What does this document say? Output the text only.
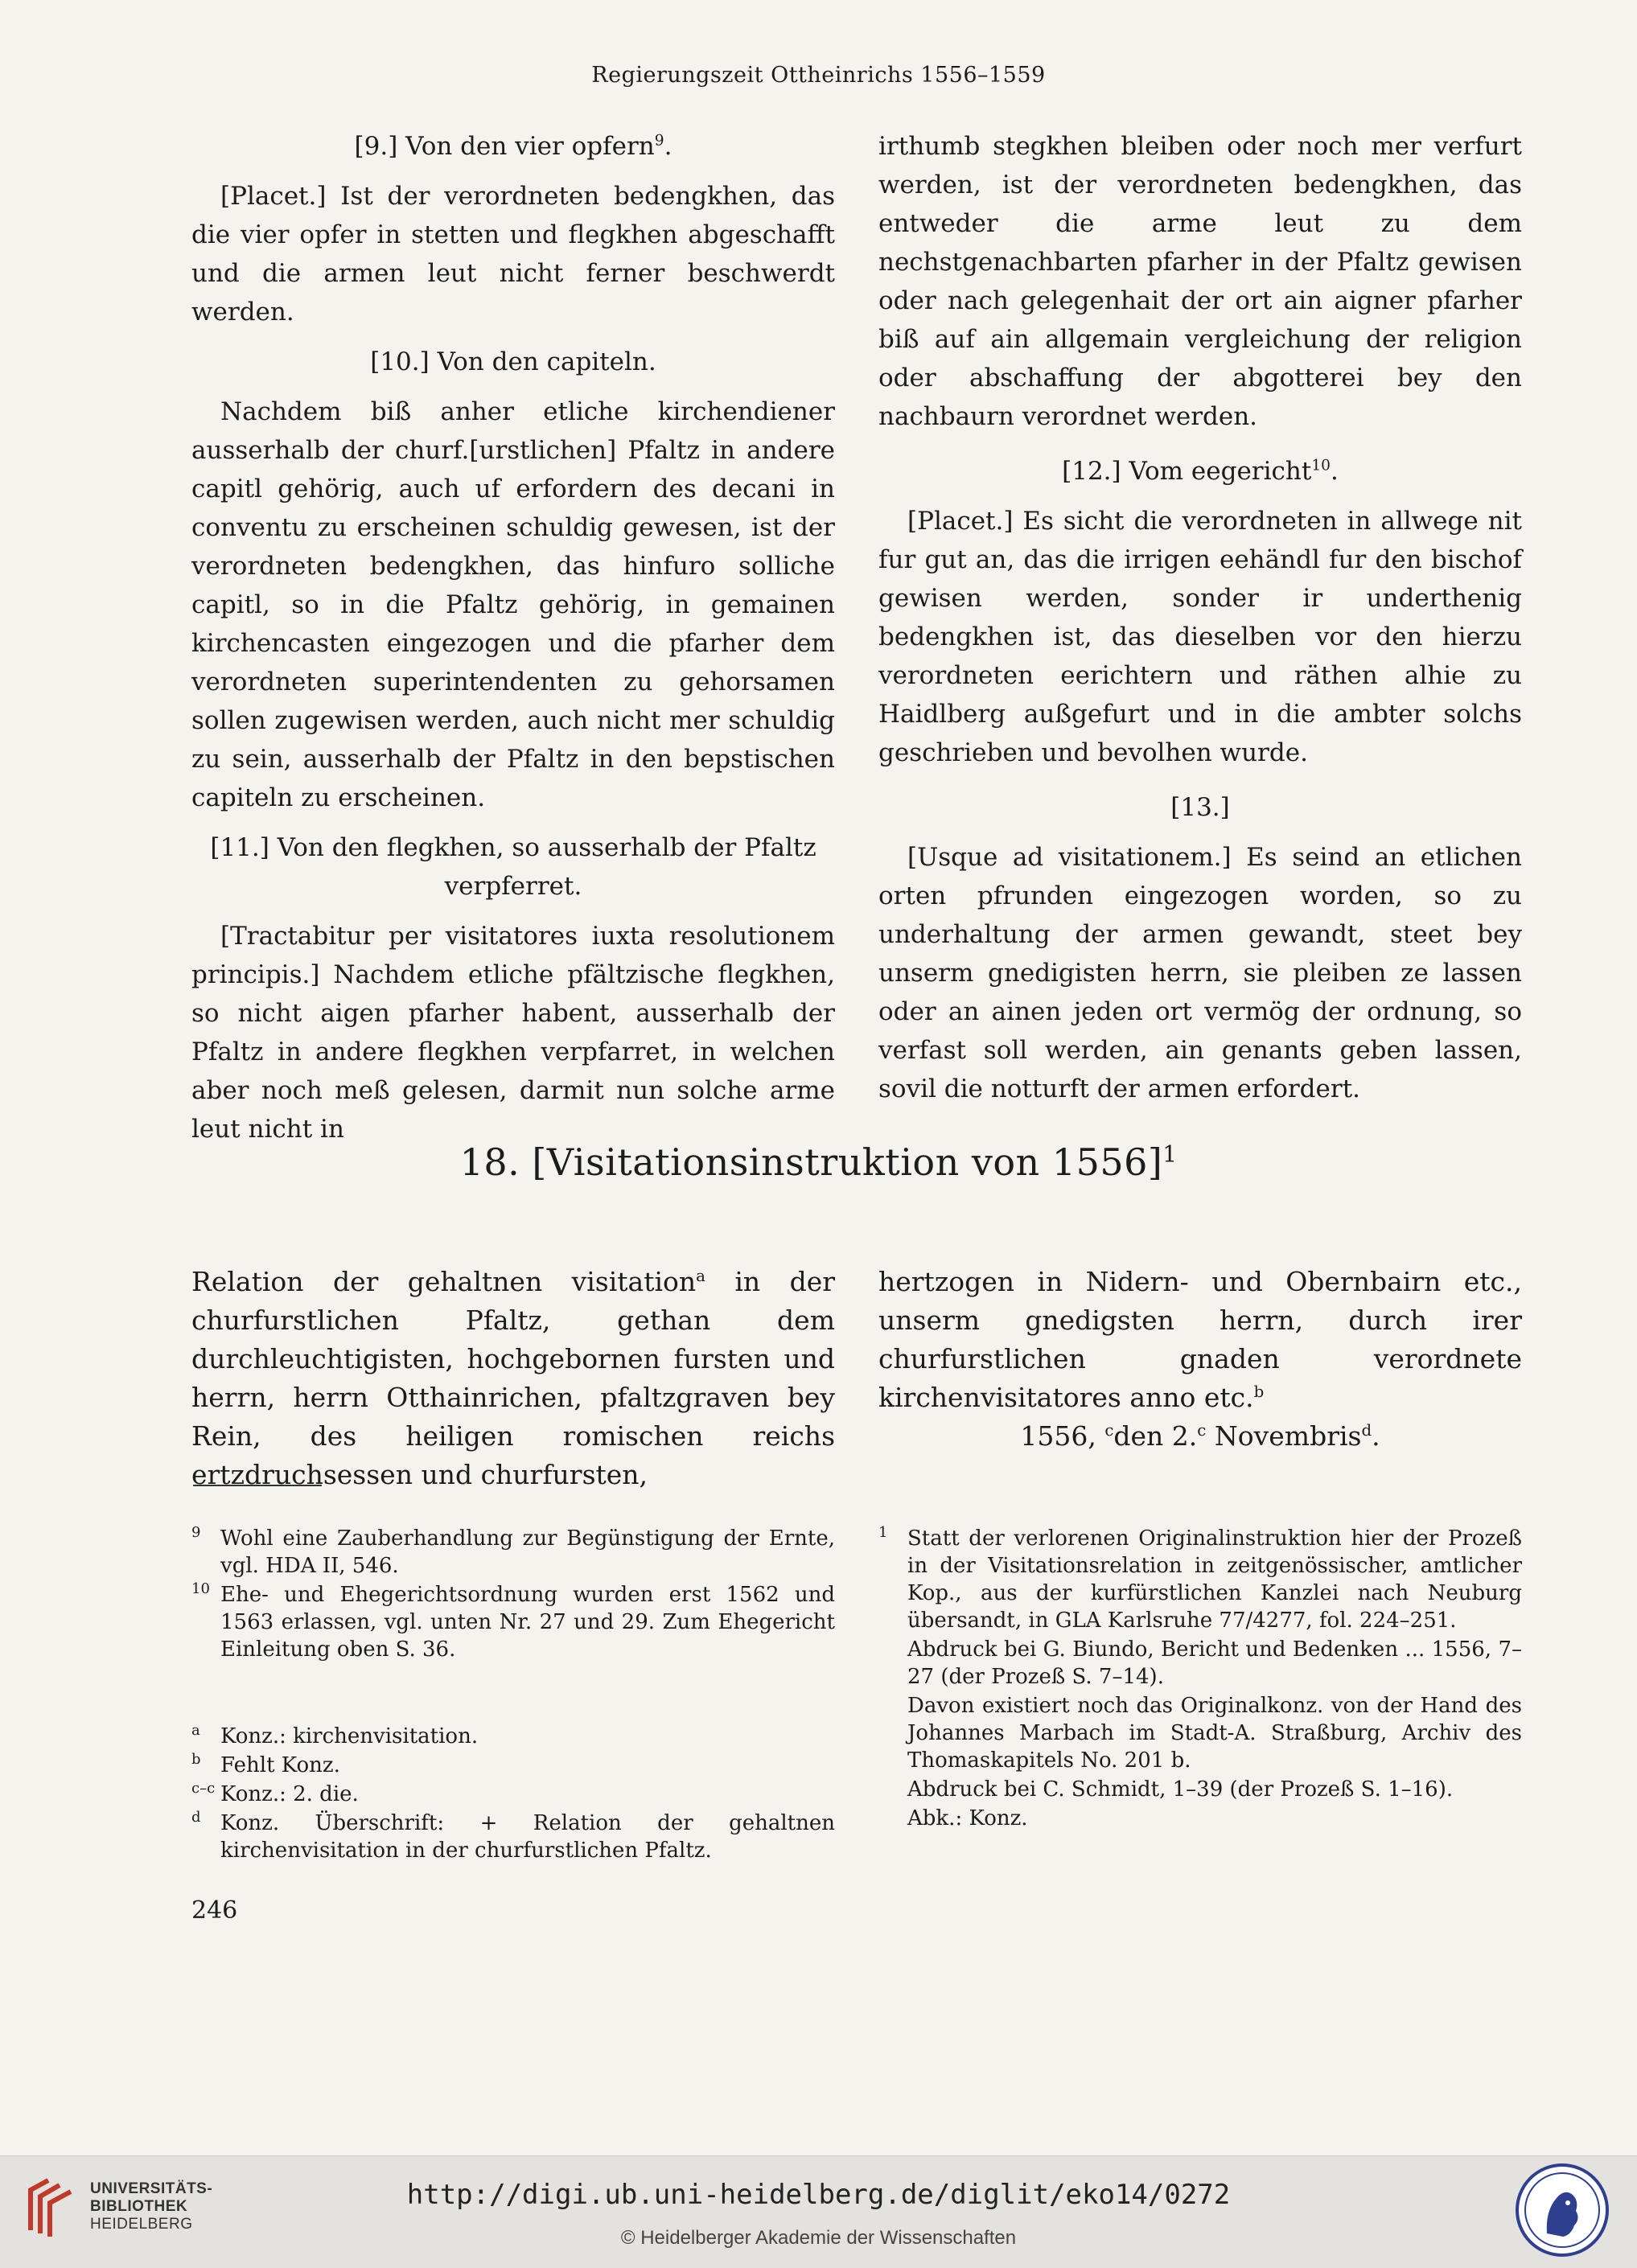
Regierungszeit Ottheinrichs 1556–1559
[9.] Von den vier opfern$^9$.

[Placet.] Ist der verordneten bedengkhen, das die vier opfer in stetten und flegkhen abgeschafft und die armen leut nicht ferner beschwerdt werden.

[10.] Von den capiteln.

Nachdem biß anher etliche kirchendiener ausserhalb der churf.[urstlichen] Pfaltz in andere capitl gehörig, auch uf erfordern des decani in conventu zu erscheinen schuldig gewesen, ist der verordneten bedengkhen, das hinfuro solliche capitl, so in die Pfaltz gehörig, in gemainen kirchencasten eingezogen und die pfarher dem verordneten superintendenten zu gehorsamen sollen zugewisen werden, auch nicht mer schuldig zu sein, ausserhalb der Pfaltz in den bepstischen capiteln zu erscheinen.

[11.] Von den flegkhen, so ausserhalb der Pfaltz verpferret.

[Tractabitur per visitatores iuxta resolutionem principis.] Nachdem etliche pfältzische flegkhen, so nicht aigen pfarher habent, ausserhalb der Pfaltz in andere flegkhen verpfarret, in welchen aber noch meß gelesen, darmit nun solche arme leut nicht in

irthumb stegkhen bleiben oder noch mer verfurt werden, ist der verordneten bedengkhen, das entweder die arme leut zu dem nechstgenachbarten pfarher in der Pfaltz gewisen oder nach gelegenhait der ort ain aigner pfarher biß auf ain allgemain vergleichung der religion oder abschaffung der abgotterei bey den nachbaurn verordnet werden.

[12.] Vom eegericht$^{10}$.

[Placet.] Es sicht die verordneten in allwege nit fur gut an, das die irrigen eehändl fur den bischof gewisen werden, sonder ir underthenig bedengkhen ist, das dieselben vor den hierzu verordneten eerichtern und räthen alhie zu Haidlberg außgefurt und in die ambter solchs geschrieben und bevolhen wurde.

[13.]

[Usque ad visitationem.] Es seind an etlichen orten pfrunden eingezogen worden, so zu underhaltung der armen gewandt, steet bey unserm gnedigisten herrn, sie pleiben ze lassen oder an ainen jeden ort vermög der ordnung, so verfast soll werden, ain genants geben lassen, sovil die notturft der armen erfordert.

18. [Visitationsinstruktion von 1556]$^1$
Relation der gehaltnen visitation$^a$ in der churfurstlichen Pfaltz, gethan dem durchleuchtigisten, hochgebornen fursten und herrn, herrn Otthainrichen, pfaltzgraven bey Rein, des heiligen romischen reichs ertzdruchsessen und churfursten,
hertzogen in Nidern- und Obernbairn etc., unserm gnedigsten herrn, durch irer churfurstlichen gnaden verordnete kirchenvisitatores anno etc.$^b$
1556, $^c$den 2.$^c$ Novembris$^d$.
9 Wohl eine Zauberhandlung zur Begünstigung der Ernte, vgl. HDA II, 546.
10 Ehe- und Ehegerichtsordnung wurden erst 1562 und 1563 erlassen, vgl. unten Nr. 27 und 29. Zum Ehegericht Einleitung oben S. 36.
a Konz.: kirchenvisitation.
b Fehlt Konz.
c–c Konz.: 2. die.
d Konz. Überschrift: + Relation der gehaltnen kirchenvisitation in der churfurstlichen Pfaltz.
1 Statt der verlorenen Originalinstruktion hier der Prozeß in der Visitationsrelation in zeitgenössischer, amtlicher Kop., aus der kurfürstlichen Kanzlei nach Neuburg übersandt, in GLA Karlsruhe 77/4277, fol. 224–251.
Abdruck bei G. Biundo, Bericht und Bedenken ... 1556, 7–27 (der Prozeß S. 7–14).
Davon existiert noch das Originalkonz. von der Hand des Johannes Marbach im Stadt-A. Straßburg, Archiv des Thomaskapitels No. 201 b.
Abdruck bei C. Schmidt, 1–39 (der Prozeß S. 1–16).
Abk.: Konz.
246
UNIVERSITÄTS-
BIBLIOTHEK
HEIDELBERG
http://digi.ub.uni-heidelberg.de/diglit/eko14/0272
© Heidelberger Akademie der Wissenschaften
